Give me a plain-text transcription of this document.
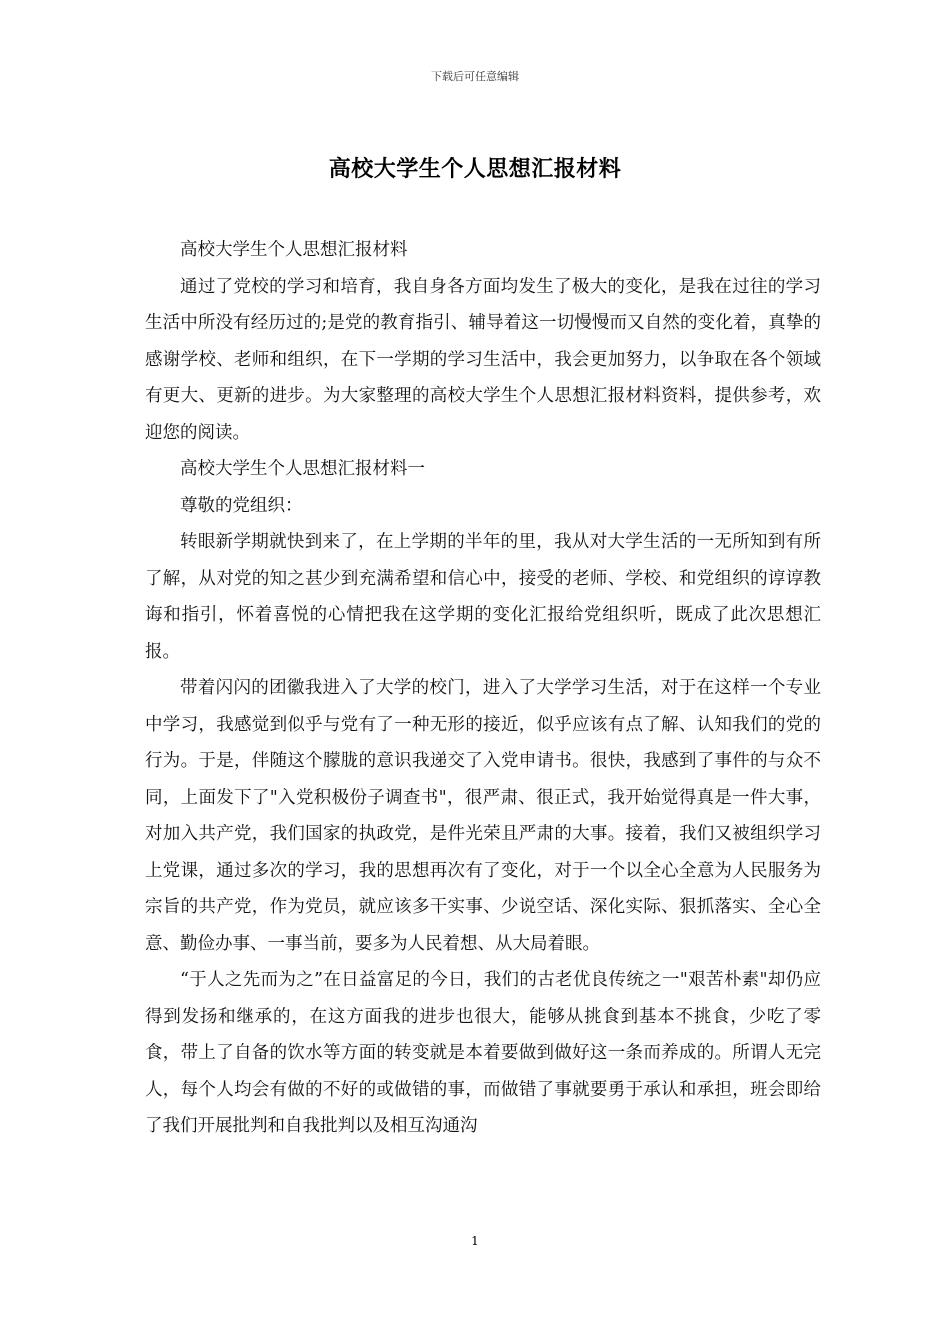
下载后可任意编辑
高校大学生个人思想汇报材料

高校大学生个人思想汇报材料

通过了党校的学习和培育，我自身各方面均发生了极大的变化，是我在过往的学习生活中所没有经历过的;是党的教育指引、辅导着这一切慢慢而又自然的变化着，真挚的感谢学校、老师和组织，在下一学期的学习生活中，我会更加努力，以争取在各个领域有更大、更新的进步。为大家整理的高校大学生个人思想汇报材料资料，提供参考，欢迎您的阅读。

高校大学生个人思想汇报材料一

尊敬的党组织：

转眼新学期就快到来了，在上学期的半年的里，我从对大学生活的一无所知到有所了解，从对党的知之甚少到充满希望和信心中，接受的老师、学校、和党组织的谆谆教诲和指引，怀着喜悦的心情把我在这学期的变化汇报给党组织听，既成了此次思想汇报。

带着闪闪的团徽我进入了大学的校门，进入了大学学习生活，对于在这样一个专业中学习，我感觉到似乎与党有了一种无形的接近，似乎应该有点了解、认知我们的党的行为。于是，伴随这个朦胧的意识我递交了入党申请书。很快，我感到了事件的与众不同，上面发下了"入党积极份子调查书"，很严肃、很正式，我开始觉得真是一件大事，对加入共产党，我们国家的执政党，是件光荣且严肃的大事。接着，我们又被组织学习上党课，通过多次的学习，我的思想再次有了变化，对于一个以全心全意为人民服务为宗旨的共产党，作为党员，就应该多干实事、少说空话、深化实际、狠抓落实、全心全意、勤俭办事、一事当前，要多为人民着想、从大局着眼。

“于人之先而为之”在日益富足的今日，我们的古老优良传统之一"艰苦朴素"却仍应得到发扬和继承的，在这方面我的进步也很大，能够从挑食到基本不挑食，少吃了零食，带上了自备的饮水等方面的转变就是本着要做到做好这一条而养成的。所谓人无完人，每个人均会有做的不好的或做错的事，而做错了事就要勇于承认和承担，班会即给了我们开展批判和自我批判以及相互沟通沟

1
